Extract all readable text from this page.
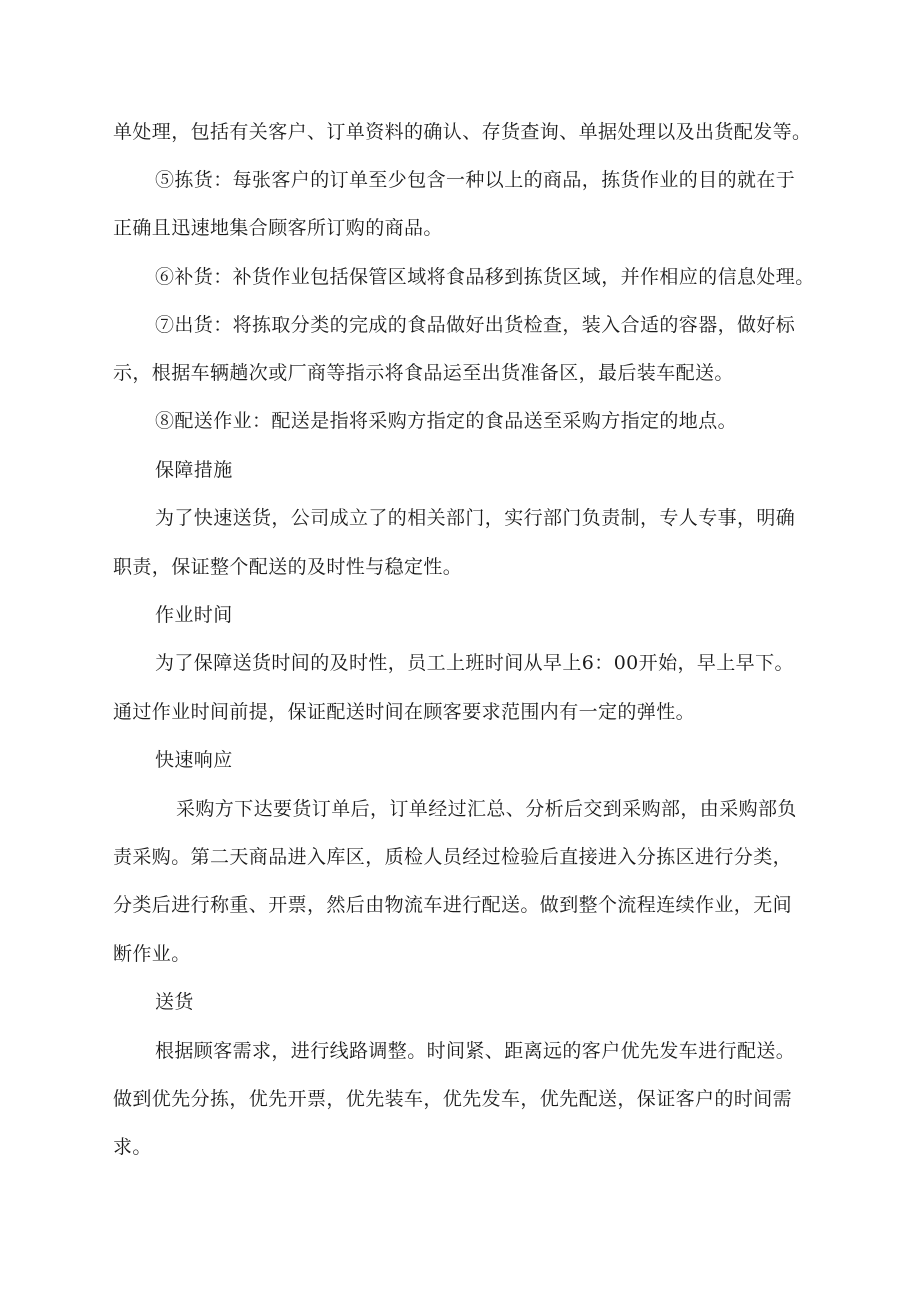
单处理，包括有关客户、订单资料的确认、存货查询、单据处理以及出货配发等。
⑤拣货：每张客户的订单至少包含一种以上的商品，拣货作业的目的就在于
正确且迅速地集合顾客所订购的商品。
⑥补货：补货作业包括保管区域将食品移到拣货区域，并作相应的信息处理。
⑦出货：将拣取分类的完成的食品做好出货检查，装入合适的容器，做好标
示，根据车辆趟次或厂商等指示将食品运至出货准备区，最后装车配送。
⑧配送作业：配送是指将采购方指定的食品送至采购方指定的地点。
保障措施
为了快速送货，公司成立了的相关部门，实行部门负责制，专人专事，明确
职责，保证整个配送的及时性与稳定性。
作业时间
为了保障送货时间的及时性，员工上班时间从早上6：00开始，早上早下。
通过作业时间前提，保证配送时间在顾客要求范围内有一定的弹性。
快速响应
采购方下达要货订单后，订单经过汇总、分析后交到采购部，由采购部负
责采购。第二天商品进入库区，质检人员经过检验后直接进入分拣区进行分类，
分类后进行称重、开票，然后由物流车进行配送。做到整个流程连续作业，无间
断作业。
送货
根据顾客需求，进行线路调整。时间紧、距离远的客户优先发车进行配送。
做到优先分拣，优先开票，优先装车，优先发车，优先配送，保证客户的时间需
求。
